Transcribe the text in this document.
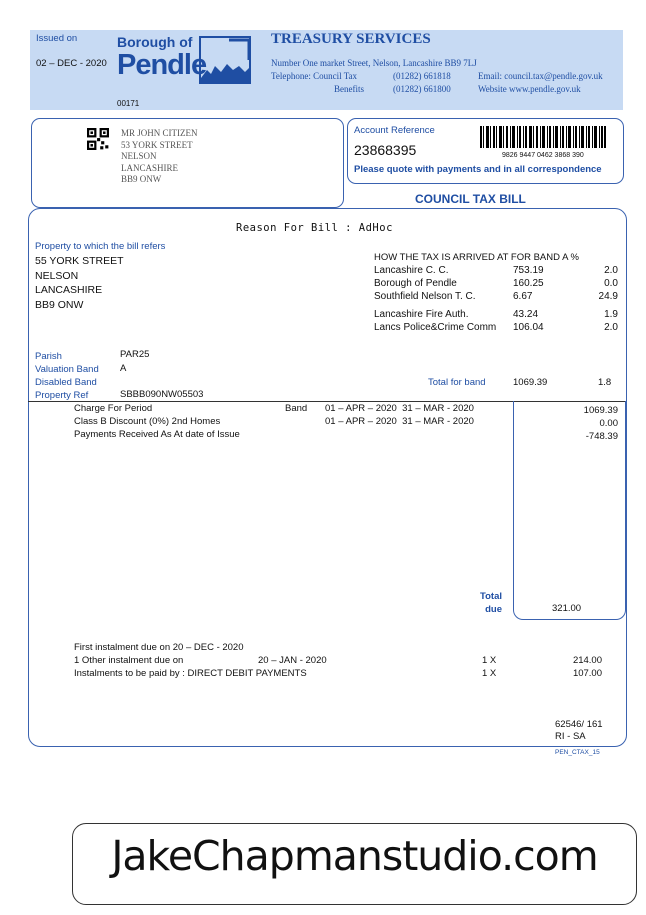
Issued on
02 – DEC - 2020
Borough of
Pendle
00171
TREASURY SERVICES
Number One market Street, Nelson, Lancashire BB9 7LJ
Telephone: Council Tax	(01282) 661818	Email: council.tax@pendle.gov.uk
Benefits	(01282) 661800	Website www.pendle.gov.uk
MR JOHN CITIZEN
53 YORK STREET
NELSON
LANCASHIRE
BB9 ONW
Account Reference
23868395	9826 9447 0462 3868 390
Please quote with payments and in all correspondence
COUNCIL TAX BILL
Reason For Bill : AdHoc
Property to which the bill refers
55 YORK STREET
NELSON
LANCASHIRE
BB9 ONW
HOW THE TAX IS ARRIVED AT FOR BAND A %
Lancashire C. C.	753.19	2.0
Borough of Pendle	160.25	0.0
Southfield Nelson T. C.	6.67	24.9
Lancashire Fire Auth.	43.24	1.9
Lancs Police&Crime Comm 106.04	2.0
Parish	PAR25
Valuation Band A
Disabled Band
Property Ref	SBBB090NW05503
Total for band	1069.39	1.8
Charge For Period	Band 01 – APR – 2020  31 – MAR - 2020	1069.39
Class B Discount (0%) 2nd Homes	01 – APR – 2020  31 – MAR - 2020	0.00
Payments Received As At date of Issue	-748.39
Total
due	321.00
First instalment due on 20 – DEC - 2020
1 Other instalment due on	20 – JAN - 2020	1 X	214.00
Instalments to be paid by : DIRECT DEBIT PAYMENTS	1 X	107.00
62546/ 161
RI - SA
PEN_CTAX_15
JakeChapmanstudio.com
